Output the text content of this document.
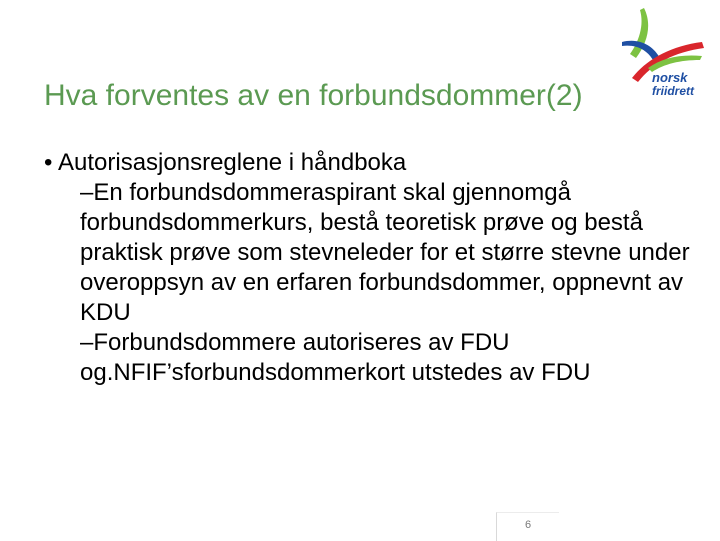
norsk
friidrett
Hva forventes av en forbundsdommer(2)
• Autorisasjonsreglene i håndboka
–En forbundsdommeraspirant skal gjennomgå forbundsdommerkurs, bestå teoretisk prøve og bestå praktisk prøve som stevneleder for et større stevne under overoppsyn av en erfaren forbundsdommer, oppnevnt av KDU
–Forbundsdommere autoriseres av FDU og.NFIF’sforbundsdommerkort utstedes av FDU
6
